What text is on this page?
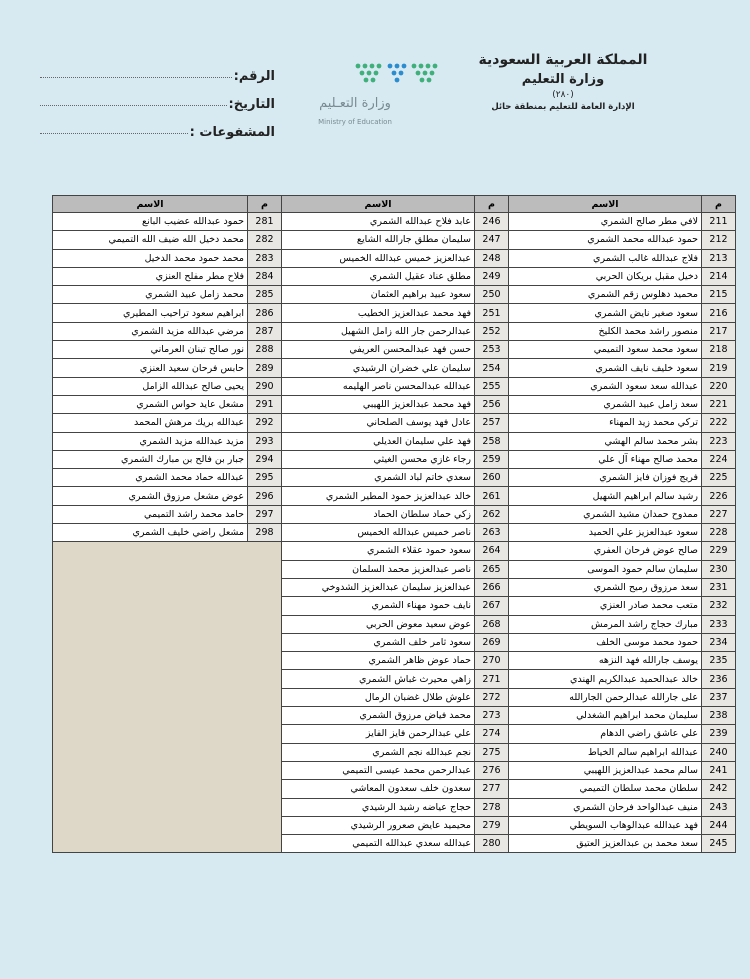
المملكة العربية السعودية
وزارة التعليم
(٢٨٠)
الإدارة العامة للتعليم بمنطقة حائل
وزارة التعـليم
Ministry of Education
الرقم:
التاريخ:
المشفوعات :
م	الاسم	م	الاسم	م	الاسم
211	لافي مطر صالح الشمري	246	عابد فلاح عبدالله الشمري	281	حمود عبدالله عضيب البانع
212	حمود عبدالله محمد الشمري	247	سليمان مطلق جارالله الشايع	282	محمد دخيل الله ضيف الله التميمي
213	فلاج عبدالله غالب الشمري	248	عبدالعزيز خميس عبدالله الخميس	283	محمد حمود محمد الدخيل
214	دخيل مقبل بريكان الحربي	249	مطلق عناد عقيل الشمري	284	فلاح مطر مفلح العنزي
215	محميد دهلوس زقم الشمري	250	سعود عبيد براهيم العثمان	285	محمد زامل عبيد الشمري
216	سعود صغير نايض الشمري	251	فهد محمد عبدالعزيز الخطيب	286	ابراهيم سعود تراحيب المطيري
217	منصور راشد محمد الكليخ	252	عبدالرحمن جار الله زامل الشهيل	287	مرضي عبدالله مزيد الشمري
218	سعود محمد سعود التميمي	253	حسن فهد عبدالمحسن العريفي	288	نور صالح تبنان العرماني
219	سعود خليف نايف الشمري	254	سليمان علي خضران الرشيدي	289	حابس فرحان سعيد العنزي
220	عبدالله سعد سعود الشمري	255	عبدالله عبدالمحسن ناصر الهليمه	290	يحيى صالح عبدالله الزامل
221	سعد زامل عبيد الشمري	256	فهد محمد عبدالعزيز اللهيبي	291	مشعل عايد حواس الشمري
222	تركي محمد زيد المهناء	257	عادل فهد يوسف الصلحاني	292	عبدالله بريك مرهش المحمد
223	بشر محمد سالم الهشي	258	فهد علي سليمان العديلي	293	مزيد عبدالله مزيد الشمري
224	محمد صالح مهناء آل علي	259	رجاء غازي محسن الغيثي	294	جبار بن فالح بن مبارك الشمري
225	فريج فوزان فايز الشمري	260	سعدي خاتم لباد الشمري	295	عبدالله حماد محمد الشمري
226	رشيد سالم ابراهيم الشهيل	261	خالد عبدالعزيز حمود المطير الشمري	296	عوض مشعل مرزوق الشمري
227	ممدوح حمدان مشيد الشمري	262	زكي حماد سلطان الحماد	297	حامد محمد راشد التميمي
228	سعود عبدالعزيز علي الحميد	263	ناصر خميس عبدالله الخميس	298	مشعل راضي خليف الشمري
229	صالح عوض فرحان العفري	264	سعود حمود عقلاء الشمري		
230	سليمان سالم حمود الموسى	265	ناصر عبدالعزيز محمد السلمان		
231	سعد مرزوق رميح الشمري	266	عبدالعزيز سليمان عبدالعزيز الشدوخي		
232	متعب محمد صادر العنزي	267	نايف حمود مهناء الشمري		
233	مبارك حجاج راشد المرمش	268	عوض سعيد معوض الحربي		
234	حمود محمد موسى الخلف	269	سعود ثامر خلف الشمري		
235	يوسف جارالله فهد النزهه	270	حماد عوض ظاهر الشمري		
236	خالد عبدالحميد عبدالكريم الهندي	271	زاهي محيرث غباش الشمري		
237	على جارالله عبدالرحمن الجارالله	272	علوش طلال غضبان الرمال		
238	سليمان محمد ابراهيم الشغدلي	273	محمد فياض مرزوق الشمري		
239	علي عاشق راضي الدهام	274	علي عبدالرحمن فايز الفايز		
240	عبدالله ابراهيم سالم الخياط	275	نجم عبدالله نجم الشمري		
241	سالم محمد عبدالعزيز اللهيبي	276	عبدالرحمن محمد عيسى التميمي		
242	سلطان محمد سلطان التميمي	277	سعدون خلف سعدون المعاشي		
243	منيف عبدالواحد فرحان الشمري	278	حجاج عياضه رشيد الرشيدي		
244	فهد عبدالله عبدالوهاب السويطي	279	محيميد عايض صعرور الرشيدي		
245	سعد محمد بن عبدالعزيز العتيق	280	عبدالله سعدي عبدالله التميمي		
